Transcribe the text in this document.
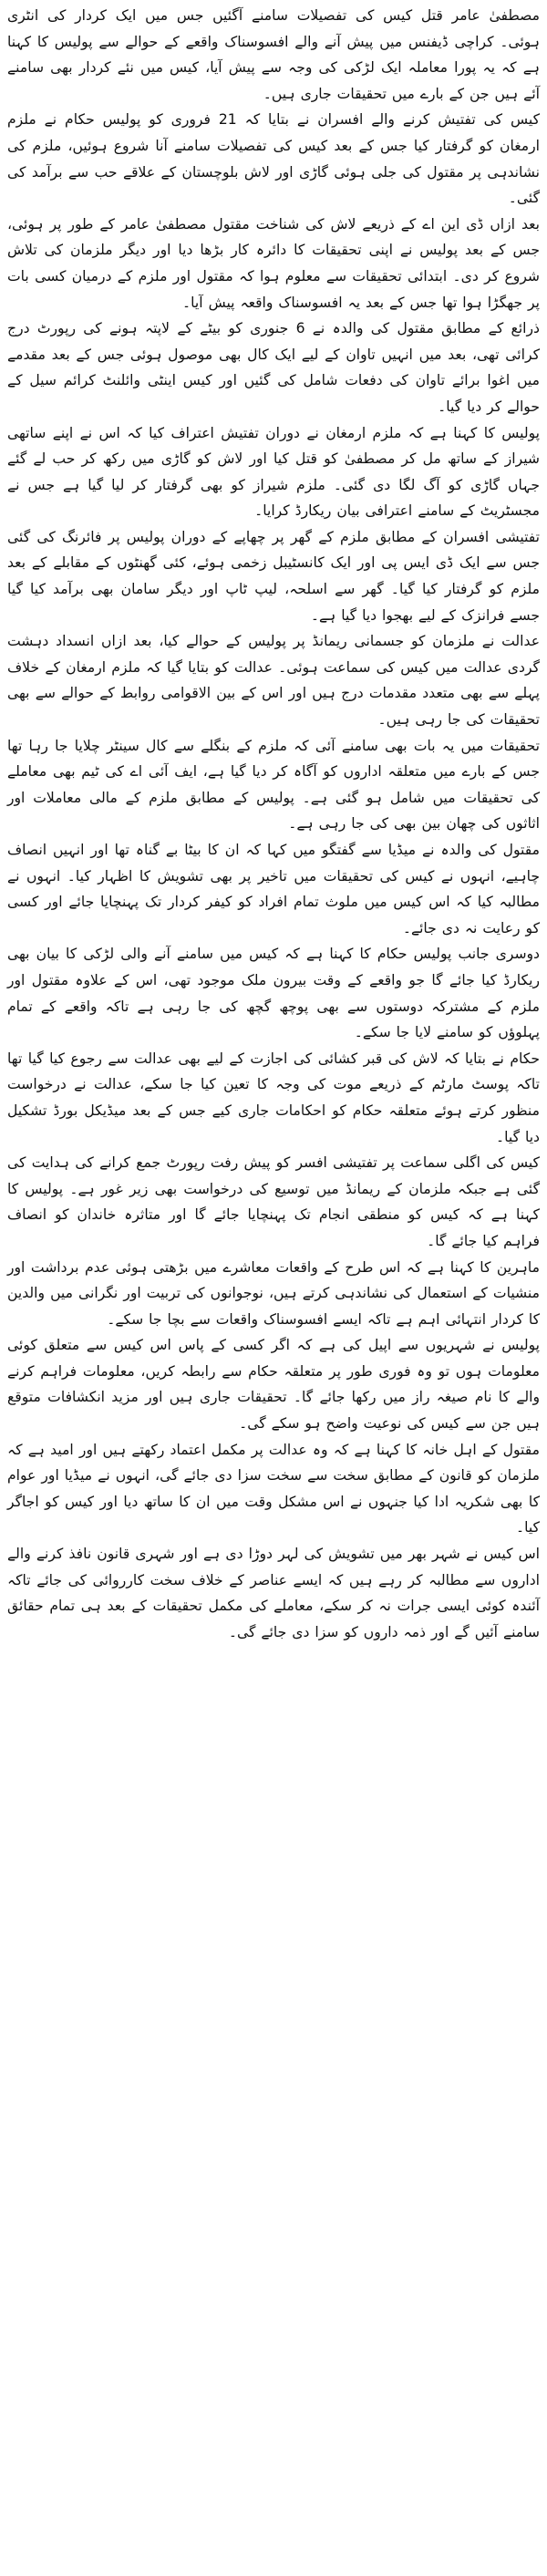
مصطفیٰ عامر قتل کیس کی تفصیلات سامنے آگئیں جس میں ایک کردار کی انٹری ہوئی۔ کراچی ڈیفنس میں پیش آنے والے افسوسناک واقعے کے حوالے سے پولیس کا کہنا ہے کہ یہ پورا معاملہ ایک لڑکی کی وجہ سے پیش آیا، کیس میں نئے کردار بھی سامنے آئے ہیں جن کے بارے میں تحقیقات جاری ہیں۔

کیس کی تفتیش کرنے والے افسران نے بتایا کہ 21 فروری کو پولیس حکام نے ملزم ارمغان کو گرفتار کیا جس کے بعد کیس کی تفصیلات سامنے آنا شروع ہوئیں، ملزم کی نشاندہی پر مقتول کی جلی ہوئی گاڑی اور لاش بلوچستان کے علاقے حب سے برآمد کی گئی۔

بعد ازاں ڈی این اے کے ذریعے لاش کی شناخت مقتول مصطفیٰ عامر کے طور پر ہوئی، جس کے بعد پولیس نے اپنی تحقیقات کا دائرہ کار بڑھا دیا اور دیگر ملزمان کی تلاش شروع کر دی۔ ابتدائی تحقیقات سے معلوم ہوا کہ مقتول اور ملزم کے درمیان کسی بات پر جھگڑا ہوا تھا جس کے بعد یہ افسوسناک واقعہ پیش آیا۔

ذرائع کے مطابق مقتول کی والدہ نے 6 جنوری کو بیٹے کے لاپتہ ہونے کی رپورٹ درج کرائی تھی، بعد میں انہیں تاوان کے لیے ایک کال بھی موصول ہوئی جس کے بعد مقدمے میں اغوا برائے تاوان کی دفعات شامل کی گئیں اور کیس اینٹی وائلنٹ کرائم سیل کے حوالے کر دیا گیا۔

پولیس کا کہنا ہے کہ ملزم ارمغان نے دوران تفتیش اعتراف کیا کہ اس نے اپنے ساتھی شیراز کے ساتھ مل کر مصطفیٰ کو قتل کیا اور لاش کو گاڑی میں رکھ کر حب لے گئے جہاں گاڑی کو آگ لگا دی گئی۔ ملزم شیراز کو بھی گرفتار کر لیا گیا ہے جس نے مجسٹریٹ کے سامنے اعترافی بیان ریکارڈ کرایا۔

تفتیشی افسران کے مطابق ملزم کے گھر پر چھاپے کے دوران پولیس پر فائرنگ کی گئی جس سے ایک ڈی ایس پی اور ایک کانسٹیبل زخمی ہوئے، کئی گھنٹوں کے مقابلے کے بعد ملزم کو گرفتار کیا گیا۔ گھر سے اسلحہ، لیپ ٹاپ اور دیگر سامان بھی برآمد کیا گیا جسے فرانزک کے لیے بھجوا دیا گیا ہے۔

عدالت نے ملزمان کو جسمانی ریمانڈ پر پولیس کے حوالے کیا، بعد ازاں انسداد دہشت گردی عدالت میں کیس کی سماعت ہوئی۔ عدالت کو بتایا گیا کہ ملزم ارمغان کے خلاف پہلے سے بھی متعدد مقدمات درج ہیں اور اس کے بین الاقوامی روابط کے حوالے سے بھی تحقیقات کی جا رہی ہیں۔

تحقیقات میں یہ بات بھی سامنے آئی کہ ملزم کے بنگلے سے کال سینٹر چلایا جا رہا تھا جس کے بارے میں متعلقہ اداروں کو آگاہ کر دیا گیا ہے، ایف آئی اے کی ٹیم بھی معاملے کی تحقیقات میں شامل ہو گئی ہے۔ پولیس کے مطابق ملزم کے مالی معاملات اور اثاثوں کی چھان بین بھی کی جا رہی ہے۔

مقتول کی والدہ نے میڈیا سے گفتگو میں کہا کہ ان کا بیٹا بے گناہ تھا اور انہیں انصاف چاہیے، انہوں نے کیس کی تحقیقات میں تاخیر پر بھی تشویش کا اظہار کیا۔ انہوں نے مطالبہ کیا کہ اس کیس میں ملوث تمام افراد کو کیفر کردار تک پہنچایا جائے اور کسی کو رعایت نہ دی جائے۔

دوسری جانب پولیس حکام کا کہنا ہے کہ کیس میں سامنے آنے والی لڑکی کا بیان بھی ریکارڈ کیا جائے گا جو واقعے کے وقت بیرون ملک موجود تھی، اس کے علاوہ مقتول اور ملزم کے مشترکہ دوستوں سے بھی پوچھ گچھ کی جا رہی ہے تاکہ واقعے کے تمام پہلوؤں کو سامنے لایا جا سکے۔

حکام نے بتایا کہ لاش کی قبر کشائی کی اجازت کے لیے بھی عدالت سے رجوع کیا گیا تھا تاکہ پوسٹ مارٹم کے ذریعے موت کی وجہ کا تعین کیا جا سکے، عدالت نے درخواست منظور کرتے ہوئے متعلقہ حکام کو احکامات جاری کیے جس کے بعد میڈیکل بورڈ تشکیل دیا گیا۔

کیس کی اگلی سماعت پر تفتیشی افسر کو پیش رفت رپورٹ جمع کرانے کی ہدایت کی گئی ہے جبکہ ملزمان کے ریمانڈ میں توسیع کی درخواست بھی زیر غور ہے۔ پولیس کا کہنا ہے کہ کیس کو منطقی انجام تک پہنچایا جائے گا اور متاثرہ خاندان کو انصاف فراہم کیا جائے گا۔

ماہرین کا کہنا ہے کہ اس طرح کے واقعات معاشرے میں بڑھتی ہوئی عدم برداشت اور منشیات کے استعمال کی نشاندہی کرتے ہیں، نوجوانوں کی تربیت اور نگرانی میں والدین کا کردار انتہائی اہم ہے تاکہ ایسے افسوسناک واقعات سے بچا جا سکے۔

پولیس نے شہریوں سے اپیل کی ہے کہ اگر کسی کے پاس اس کیس سے متعلق کوئی معلومات ہوں تو وہ فوری طور پر متعلقہ حکام سے رابطہ کریں، معلومات فراہم کرنے والے کا نام صیغہ راز میں رکھا جائے گا۔ تحقیقات جاری ہیں اور مزید انکشافات متوقع ہیں جن سے کیس کی نوعیت واضح ہو سکے گی۔

مقتول کے اہل خانہ کا کہنا ہے کہ وہ عدالت پر مکمل اعتماد رکھتے ہیں اور امید ہے کہ ملزمان کو قانون کے مطابق سخت سے سخت سزا دی جائے گی، انہوں نے میڈیا اور عوام کا بھی شکریہ ادا کیا جنہوں نے اس مشکل وقت میں ان کا ساتھ دیا اور کیس کو اجاگر کیا۔

اس کیس نے شہر بھر میں تشویش کی لہر دوڑا دی ہے اور شہری قانون نافذ کرنے والے اداروں سے مطالبہ کر رہے ہیں کہ ایسے عناصر کے خلاف سخت کارروائی کی جائے تاکہ آئندہ کوئی ایسی جرات نہ کر سکے، معاملے کی مکمل تحقیقات کے بعد ہی تمام حقائق سامنے آئیں گے اور ذمہ داروں کو سزا دی جائے گی۔
